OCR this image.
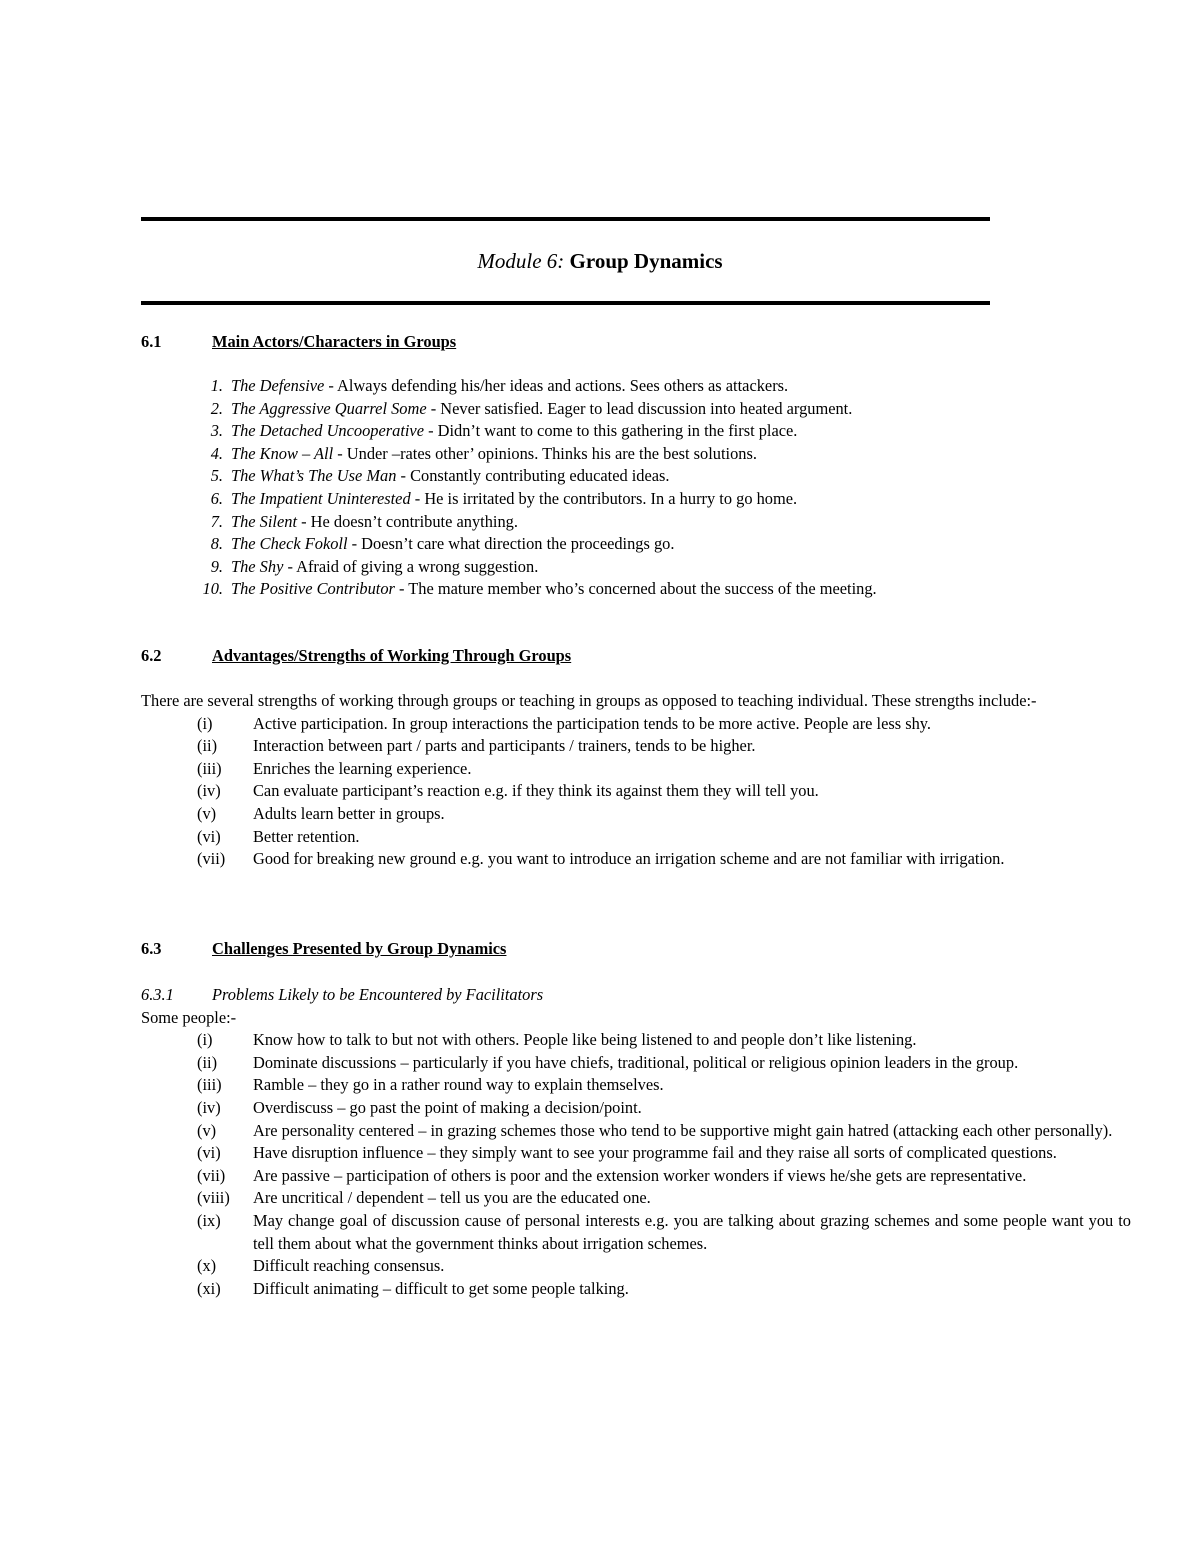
Module 6: Group Dynamics
6.1	Main Actors/Characters in Groups
1. The Defensive - Always defending his/her ideas and actions. Sees others as attackers.
2. The Aggressive Quarrel Some - Never satisfied. Eager to lead discussion into heated argument.
3. The Detached Uncooperative - Didn’t want to come to this gathering in the first place.
4. The Know – All - Under –rates other’ opinions. Thinks his are the best solutions.
5. The What’s The Use Man - Constantly contributing educated ideas.
6. The Impatient Uninterested - He is irritated by the contributors. In a hurry to go home.
7. The Silent - He doesn’t contribute anything.
8. The Check Fokoll - Doesn’t care what direction the proceedings go.
9. The Shy - Afraid of giving a wrong suggestion.
10. The Positive Contributor - The mature member who’s concerned about the success of the meeting.
6.2	Advantages/Strengths of Working Through Groups

There are several strengths of working through groups or teaching in groups as opposed to teaching individual. These strengths include:-

(i) Active participation. In group interactions the participation tends to be more active. People are less shy.
(ii) Interaction between part / parts and participants / trainers, tends to be higher.
(iii) Enriches the learning experience.
(iv) Can evaluate participant’s reaction e.g. if they think its against them they will tell you.
(v) Adults learn better in groups.
(vi) Better retention.
(vii) Good for breaking new ground e.g. you want to introduce an irrigation scheme and are not familiar with irrigation.
6.3	Challenges Presented by Group Dynamics

6.3.1 Problems Likely to be Encountered by Facilitators

Some people:-

(i) Know how to talk to but not with others. People like being listened to and people don’t like listening.
(ii) Dominate discussions – particularly if you have chiefs, traditional, political or religious opinion leaders in the group.
(iii) Ramble – they go in a rather round way to explain themselves.
(iv) Overdiscuss – go past the point of making a decision/point.
(v) Are personality centered – in grazing schemes those who tend to be supportive might gain hatred (attacking each other personally).
(vi) Have disruption influence – they simply want to see your programme fail and they raise all sorts of complicated questions.
(vii) Are passive – participation of others is poor and the extension worker wonders if views he/she gets are representative.
(viii) Are uncritical / dependent – tell us you are the educated one.
(ix) May change goal of discussion cause of personal interests e.g. you are talking about grazing schemes and some people want you to tell them about what the government thinks about irrigation schemes.
(x) Difficult reaching consensus.
(xi) Difficult animating – difficult to get some people talking.
